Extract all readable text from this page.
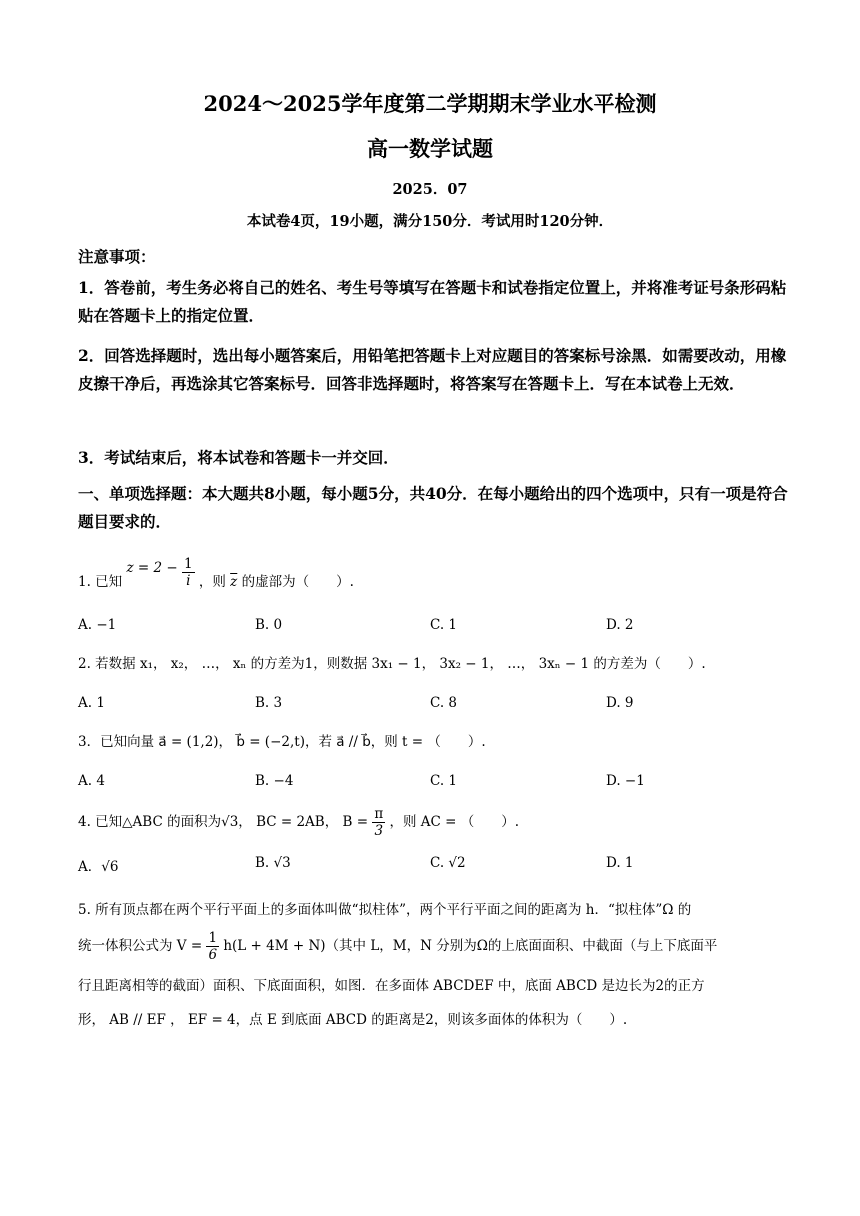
2024～2025学年度第二学期期末学业水平检测
高一数学试题
2025．07
本试卷4页，19小题，满分150分．考试用时120分钟．
注意事项：
1．答卷前，考生务必将自己的姓名、考生号等填写在答题卡和试卷指定位置上，并将准考证号条形码粘贴在答题卡上的指定位置．
2．回答选择题时，选出每小题答案后，用铅笔把答题卡上对应题目的答案标号涂黑．如需要改动，用橡皮擦干净后，再选涂其它答案标号．回答非选择题时，将答案写在答题卡上．写在本试卷上无效．
3．考试结束后，将本试卷和答题卡一并交回．
一、单项选择题：本大题共8小题，每小题5分，共40分．在每小题给出的四个选项中，只有一项是符合题目要求的．
1. 已知 $z = 2 - \frac{1}{i}$ ，则 $\overline{z}$ 的虚部为（　　）.
A. −1	B. 0	C. 1	D. 2
2. 若数据 x₁， x₂， …， xₙ 的方差为1，则数据 3x₁ − 1， 3x₂ − 1， …， 3xₙ − 1 的方差为（　　）.
A. 1	B. 3	C. 8	D. 9
3．已知向量 a⃗ = (1,2)， b⃗ = (−2,t)，若 a⃗ // b⃗，则 t = （　　）.
A. 4	B. −4	C. 1	D. −1
4. 已知△ABC 的面积为√3， BC = 2AB， $B = \frac{\pi}{3}$ ，则 AC = （　　）.
A．√6	B. √3	C. √2	D. 1
5. 所有顶点都在两个平行平面上的多面体叫做“拟柱体”，两个平行平面之间的距离为 h．“拟柱体”Ω 的
统一体积公式为 $V = \frac{1}{6} h(L + 4M + N)$（其中 L，M，N 分别为Ω的上底面面积、中截面（与上下底面平
行且距离相等的截面）面积、下底面面积，如图．在多面体 ABCDEF 中，底面 ABCD 是边长为2的正方
形， AB // EF ， EF = 4，点 E 到底面 ABCD 的距离是2，则该多面体的体积为（　　）.
